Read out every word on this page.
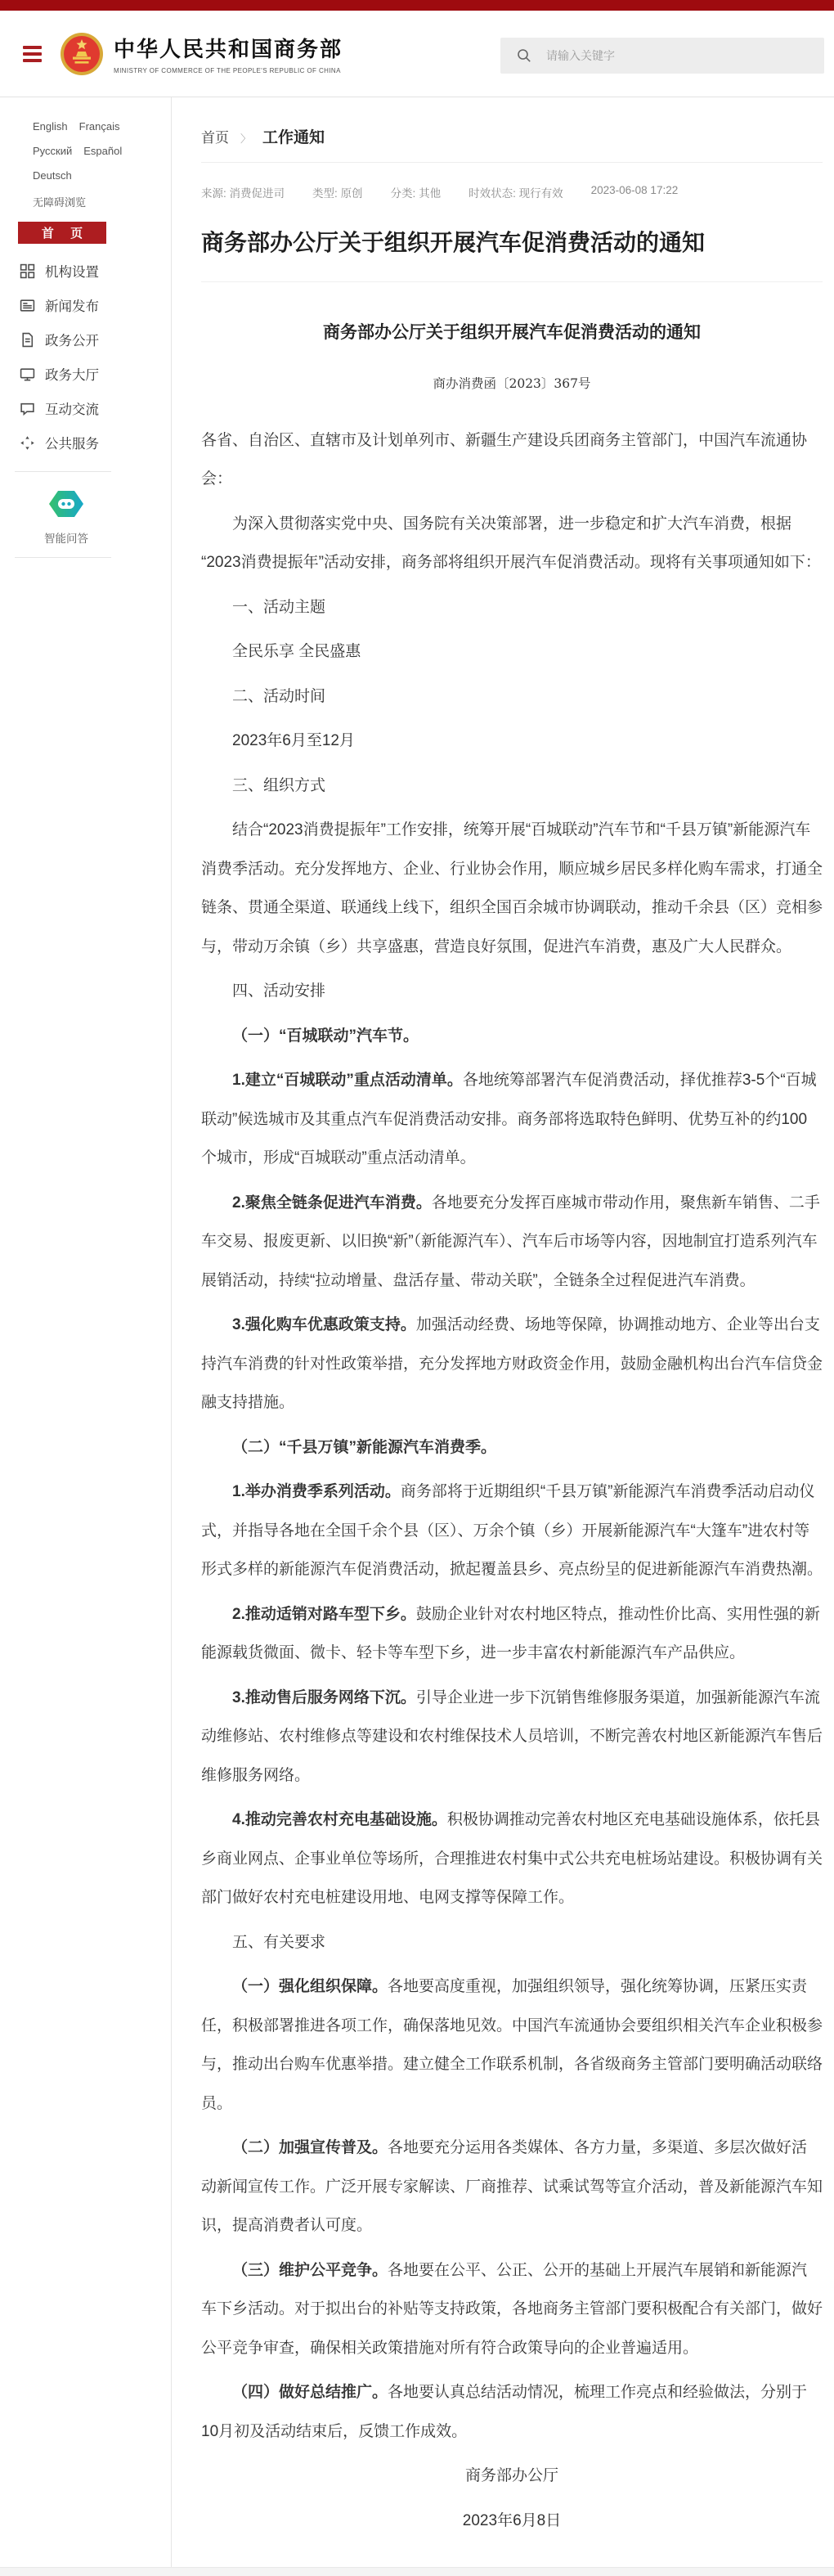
中华人民共和国商务部
MINISTRY OF COMMERCE OF THE PEOPLE'S REPUBLIC OF CHINA
请输入关键字
English Français
Русский Español
Deutsch
无障碍浏览
首 页
机构设置
新闻发布
政务公开
政务大厅
互动交流
公共服务
智能问答
首页 〉 工作通知
来源: 消费促进司	类型: 原创	分类: 其他	时效状态: 现行有效	2023-06-08 17:22
商务部办公厅关于组织开展汽车促消费活动的通知
商务部办公厅关于组织开展汽车促消费活动的通知
商办消费函〔2023〕367号

各省、自治区、直辖市及计划单列市、新疆生产建设兵团商务主管部门，中国汽车流通协会：

为深入贯彻落实党中央、国务院有关决策部署，进一步稳定和扩大汽车消费，根据“2023消费提振年”活动安排，商务部将组织开展汽车促消费活动。现将有关事项通知如下：

一、活动主题

全民乐享 全民盛惠

二、活动时间

2023年6月至12月

三、组织方式

结合“2023消费提振年”工作安排，统筹开展“百城联动”汽车节和“千县万镇”新能源汽车消费季活动。充分发挥地方、企业、行业协会作用，顺应城乡居民多样化购车需求，打通全链条、贯通全渠道、联通线上线下，组织全国百余城市协调联动，推动千余县（区）竞相参与，带动万余镇（乡）共享盛惠，营造良好氛围，促进汽车消费，惠及广大人民群众。

四、活动安排

（一）“百城联动”汽车节。

1.建立“百城联动”重点活动清单。各地统筹部署汽车促消费活动，择优推荐3-5个“百城联动”候选城市及其重点汽车促消费活动安排。商务部将选取特色鲜明、优势互补的约100个城市，形成“百城联动”重点活动清单。

2.聚焦全链条促进汽车消费。各地要充分发挥百座城市带动作用，聚焦新车销售、二手车交易、报废更新、以旧换“新”（新能源汽车）、汽车后市场等内容，因地制宜打造系列汽车展销活动，持续“拉动增量、盘活存量、带动关联”，全链条全过程促进汽车消费。

3.强化购车优惠政策支持。加强活动经费、场地等保障，协调推动地方、企业等出台支持汽车消费的针对性政策举措，充分发挥地方财政资金作用，鼓励金融机构出台汽车信贷金融支持措施。

（二）“千县万镇”新能源汽车消费季。

1.举办消费季系列活动。商务部将于近期组织“千县万镇”新能源汽车消费季活动启动仪式，并指导各地在全国千余个县（区）、万余个镇（乡）开展新能源汽车“大篷车”进农村等形式多样的新能源汽车促消费活动，掀起覆盖县乡、亮点纷呈的促进新能源汽车消费热潮。

2.推动适销对路车型下乡。鼓励企业针对农村地区特点，推动性价比高、实用性强的新能源载货微面、微卡、轻卡等车型下乡，进一步丰富农村新能源汽车产品供应。

3.推动售后服务网络下沉。引导企业进一步下沉销售维修服务渠道，加强新能源汽车流动维修站、农村维修点等建设和农村维保技术人员培训，不断完善农村地区新能源汽车售后维修服务网络。

4.推动完善农村充电基础设施。积极协调推动完善农村地区充电基础设施体系，依托县乡商业网点、企事业单位等场所，合理推进农村集中式公共充电桩场站建设。积极协调有关部门做好农村充电桩建设用地、电网支撑等保障工作。

五、有关要求

（一）强化组织保障。各地要高度重视，加强组织领导，强化统筹协调，压紧压实责任，积极部署推进各项工作，确保落地见效。中国汽车流通协会要组织相关汽车企业积极参与，推动出台购车优惠举措。建立健全工作联系机制，各省级商务主管部门要明确活动联络员。

（二）加强宣传普及。各地要充分运用各类媒体、各方力量，多渠道、多层次做好活动新闻宣传工作。广泛开展专家解读、厂商推荐、试乘试驾等宣介活动，普及新能源汽车知识，提高消费者认可度。

（三）维护公平竞争。各地要在公平、公正、公开的基础上开展汽车展销和新能源汽车下乡活动。对于拟出台的补贴等支持政策，各地商务主管部门要积极配合有关部门，做好公平竞争审查，确保相关政策措施对所有符合政策导向的企业普遍适用。

（四）做好总结推广。各地要认真总结活动情况，梳理工作亮点和经验做法，分别于10月初及活动结束后，反馈工作成效。

商务部办公厅

2023年6月8日
